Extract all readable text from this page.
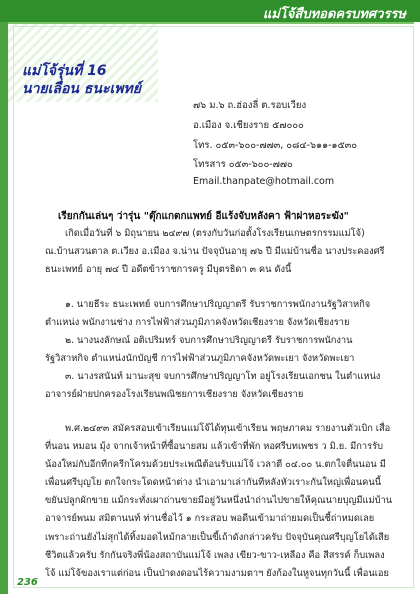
แม่โจ้สืบทอดครบทศวรรษ
แม่โจ้รุ่นที่ 16
นายเลื่อน ธนะเพทย์
๗๖ ม.๖ ถ.ฮ่องลี่ ต.รอบเวียง
อ.เมือง จ.เชียงราย ๕๗๐๐๐
โทร. ๐๕๓-๖๐๐-๗๗๓, ๐๘๔-๖๑๑-๑๕๓๐
โทรสาร ๐๕๓-๖๐๐-๗๗๐
Email.thanpate@hotmail.com
เรียกกันเล่นๆ ว่ารุ่น "ตุ๊กแกตกแพทย์ อีแร้งจับหลังคา ฟ้าผ่าหอระฆัง"
เกิดเมื่อวันที่ ๖ มิถุนายน ๒๔๙๗ (ตรงกับวันก่อตั้งโรงเรียนเกษตรกรรมแม่โจ้)
ณ.บ้านสวนตาล ต.เวียง อ.เมือง จ.น่าน ปัจจุบันอายุ ๗๖ ปี มีแม่บ้านชื่อ นางประคองศรี
ธนะเพทย์ อายุ ๗๔ ปี อดีตข้าราชการครู มีบุตรธิดา ๓ คน ดังนี้
๑. นายธีระ ธนะเพทย์ จบการศึกษาปริญญาตรี รับราชการพนักงานรัฐวิสาหกิจ
ตำแหน่ง พนักงานช่าง การไฟฟ้าส่วนภูมิภาคจังหวัดเชียงราย จังหวัดเชียงราย
๒. นางนงลักษณ์ อติเปริมทร์ จบการศึกษาปริญญาตรี รับราชการพนักงาน
รัฐวิสาหกิจ ตำแหน่งนักบัญชี การไฟฟ้าส่วนภูมิภาคจังหวัดพะเยา จังหวัดพะเยา
๓. นางรสนันท์ มานะสุข จบการศึกษาปริญญาโท อยู่โรงเรียนเอกชน ในตำแหน่ง
อาจารย์ฝ่ายปกครองโรงเรียนพณิชยการเชียงราย จังหวัดเชียงราย
พ.ศ.๒๔๙๓ สมัครสอบเข้าเรียนแม่โจ้ได้ทุนเข้าเรียน พฤษภาคม รายงานตัวเบิก เสื่อ
ที่นอน หมอน มุ้ง จากเจ้าหน้าที่ซื้อนายสม แล้วเข้าที่พัก หอศรีบทเพชร ว มิ.ย. มีการรับ
น้องใหม่กับอีกทีกครีกโครมด้วยประเพณีต้อนรับแม่โจ้ เวลาตี ๐๔.๐๐ น.ตกใจตื่นนอน มี
เพื่อนศรีบุญโย ตกใจกระโดดหน้าต่าง นำเอามาเล่ากันทีหลังหัวเราะกันใหญ่เพื่อนคนนี้
ขยันปลูกผักขาย แม้กระทั่งเผาถ่านขายมีอยู่วันหนึ่งนำถ่านไปขายให้คุณนายบุญมีแม่บ้าน
อาจารย์พนม สมิตานนท์ ท่านชื่อไว้ ๑ กระสอบ พอดีนเข้ามาถ่ายมดเป็นชี้ถ่าหมดเลย
เพราะถ่านยังไม่สุกได้ทิ้งมอดไหม้กลายเป็นขี้เถ้าดังกล่าวครับ ปัจจุบันคุณศรีบุญโยได้เสีย
ชีวิตแล้วครับ รักกันจริงพี่น้องสถาบันแม่โจ้ เพลง เขียว-ขาว-เหลือง คือ สีสรรค์ ก็บเพลง
โจ้ แม่โจ้ของเราแต่ก่อน เป็นป่าดงดอนไร้ความงามตาฯ ยังก้องในหูจนทุกวันนี้ เพื่อนเอย
236
